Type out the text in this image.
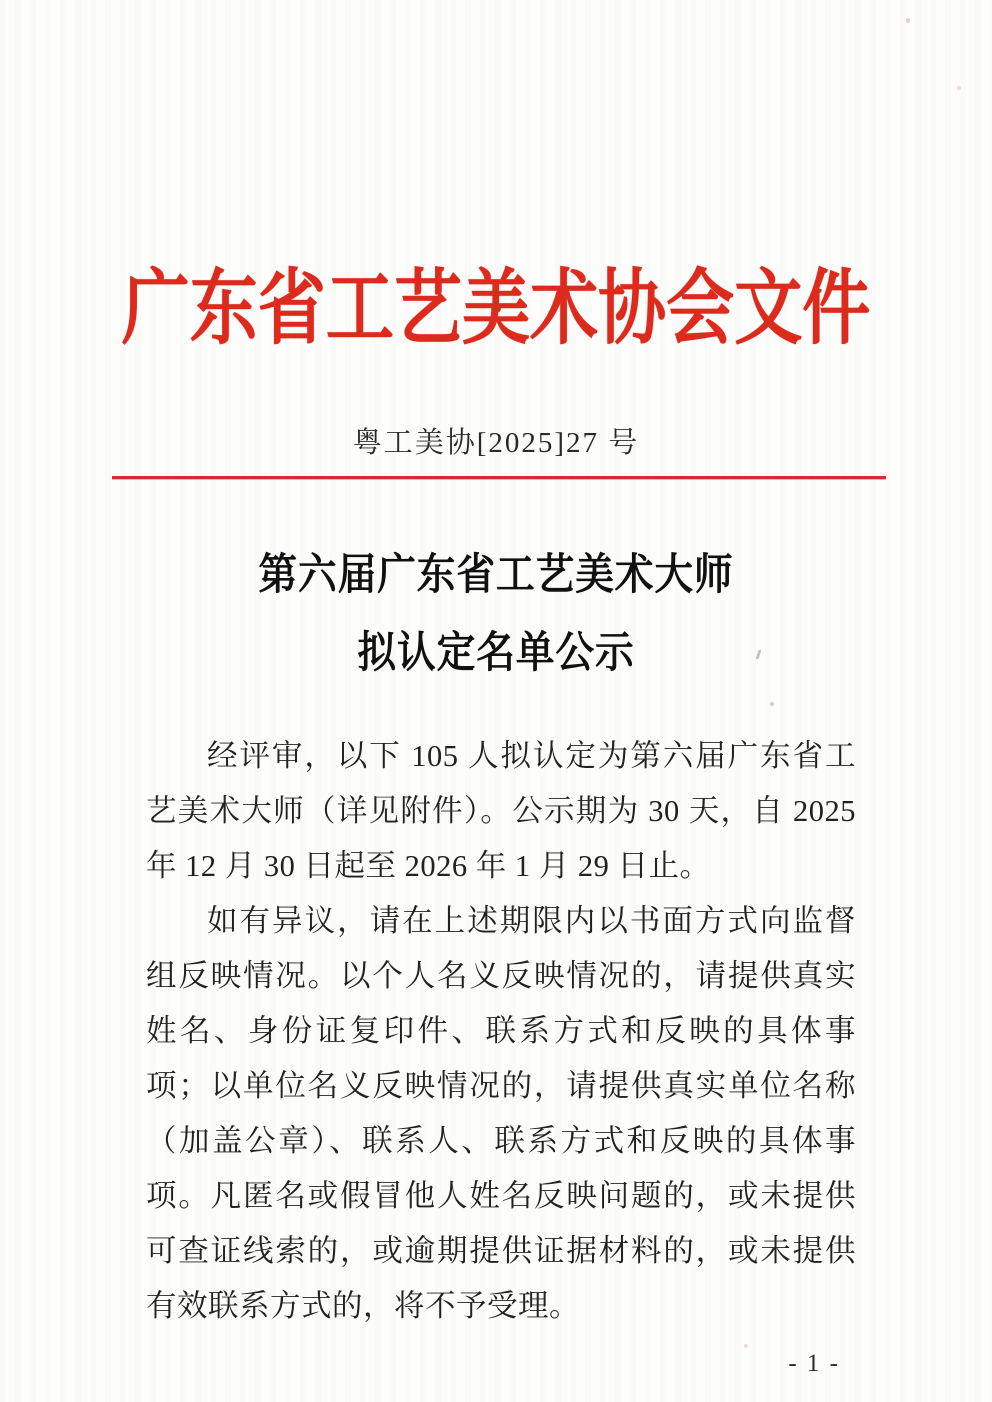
广东省工艺美术协会文件
粤工美协[2025]27 号
第六届广东省工艺美术大师
拟认定名单公示

经评审，以下 105 人拟认定为第六届广东省工艺美术大师（详见附件）。公示期为 30 天，自 2025 年 12 月 30 日起至 2026 年 1 月 29 日止。

如有异议，请在上述期限内以书面方式向监督组反映情况。以个人名义反映情况的，请提供真实姓名、身份证复印件、联系方式和反映的具体事项；以单位名义反映情况的，请提供真实单位名称（加盖公章）、联系人、联系方式和反映的具体事项。凡匿名或假冒他人姓名反映问题的，或未提供可查证线索的，或逾期提供证据材料的，或未提供有效联系方式的，将不予受理。

- 1 -
